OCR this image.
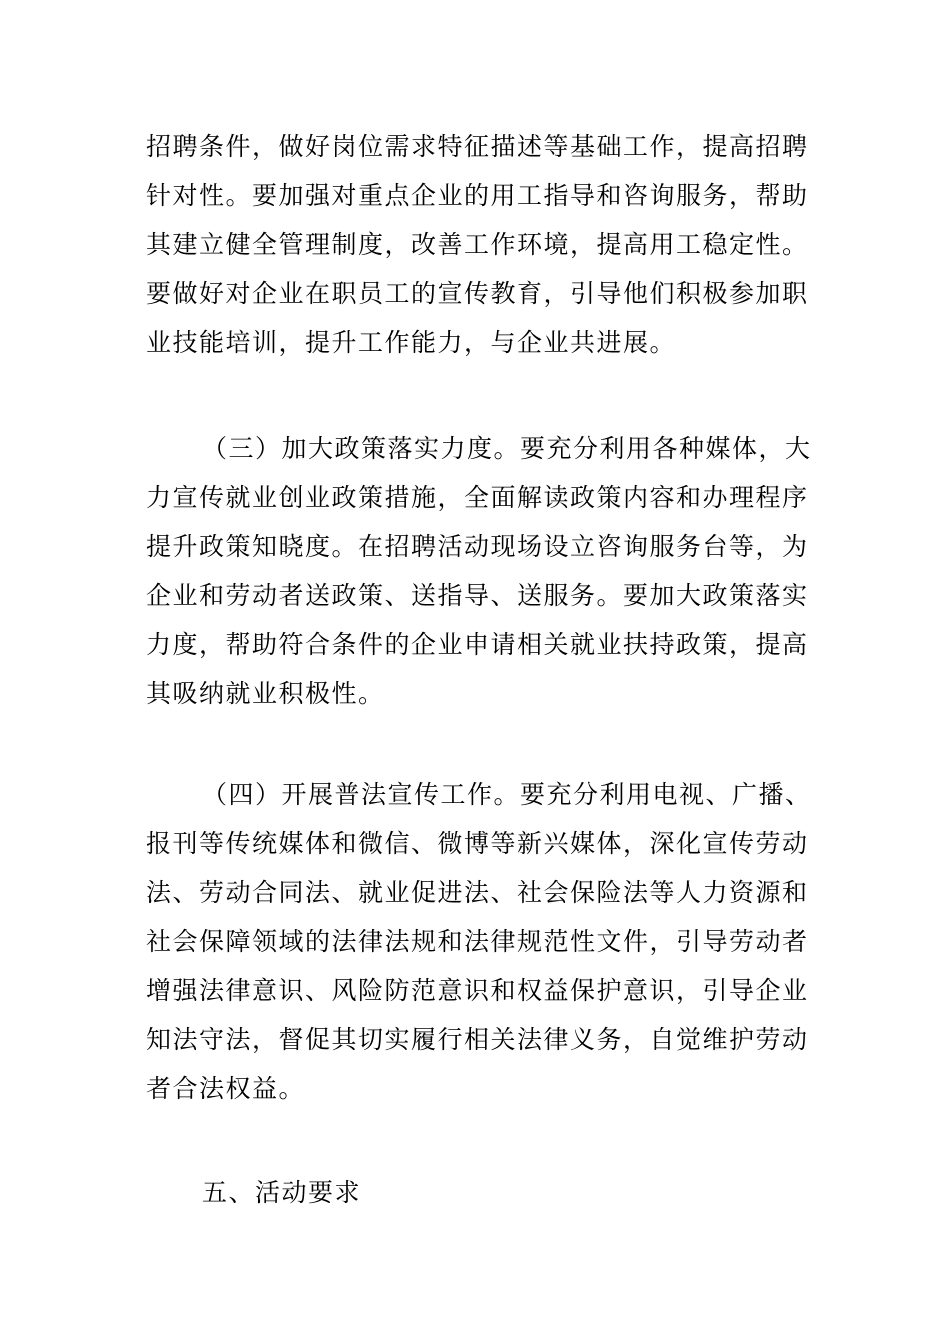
招聘条件，做好岗位需求特征描述等基础工作，提高招聘
针对性。要加强对重点企业的用工指导和咨询服务，帮助
其建立健全管理制度，改善工作环境，提高用工稳定性。
要做好对企业在职员工的宣传教育，引导他们积极参加职
业技能培训，提升工作能力，与企业共进展。
（三）加大政策落实力度。要充分利用各种媒体，大
力宣传就业创业政策措施，全面解读政策内容和办理程序
提升政策知晓度。在招聘活动现场设立咨询服务台等，为
企业和劳动者送政策、送指导、送服务。要加大政策落实
力度，帮助符合条件的企业申请相关就业扶持政策，提高
其吸纳就业积极性。
（四）开展普法宣传工作。要充分利用电视、广播、
报刊等传统媒体和微信、微博等新兴媒体，深化宣传劳动
法、劳动合同法、就业促进法、社会保险法等人力资源和
社会保障领域的法律法规和法律规范性文件，引导劳动者
增强法律意识、风险防范意识和权益保护意识，引导企业
知法守法，督促其切实履行相关法律义务，自觉维护劳动
者合法权益。
五、活动要求
